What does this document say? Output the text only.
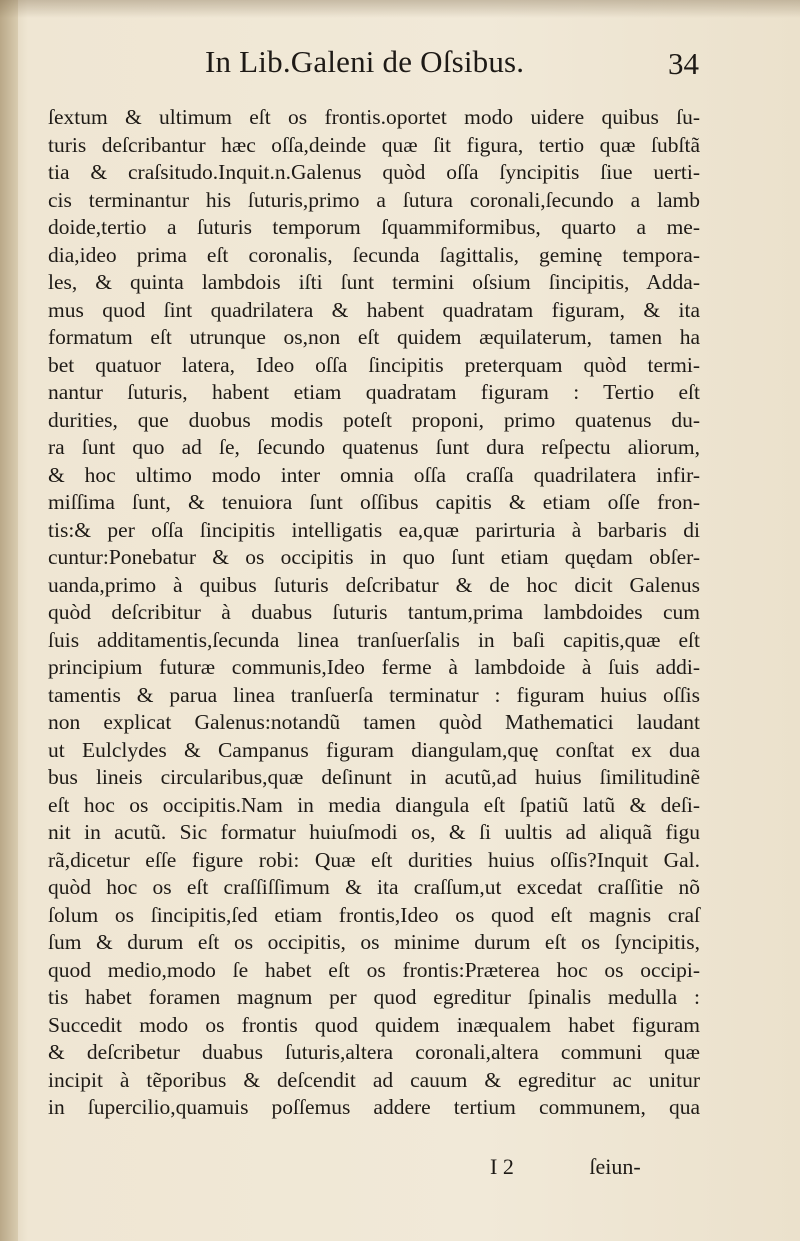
In Lib.Galeni de Oſsibus.	34
ſextum & ultimum eſt os frontis.oportet modo uidere quibus ſu-
turis deſcribantur hæc oſſa,deinde quæ ſit figura, tertio quæ ſubſtã
tia & craſsitudo.Inquit.n.Galenus quòd oſſa ſyncipitis ſiue uerti-
cis terminantur his ſuturis,primo a ſutura coronali,ſecundo a lamb
doide,tertio a ſuturis temporum ſquammiformibus, quarto a me-
dia,ideo prima eſt coronalis, ſecunda ſagittalis, geminę tempora-
les, & quinta lambdois iſti ſunt termini oſsium ſincipitis, Adda-
mus quod ſint quadrilatera & habent quadratam figuram, & ita
formatum eſt utrunque os,non eſt quidem æquilaterum, tamen ha
bet quatuor latera, Ideo oſſa ſincipitis preterquam quòd termi-
nantur ſuturis, habent etiam quadratam figuram : Tertio eſt
durities, que duobus modis poteſt proponi, primo quatenus du-
ra ſunt quo ad ſe, ſecundo quatenus ſunt dura reſpectu aliorum,
& hoc ultimo modo inter omnia oſſa craſſa quadrilatera infir-
miſſima ſunt, & tenuiora ſunt oſſibus capitis & etiam oſſe fron-
tis:& per oſſa ſincipitis intelligatis ea,quæ parirturia à barbaris di
cuntur:Ponebatur & os occipitis in quo ſunt etiam quędam obſer-
uanda,primo à quibus ſuturis deſcribatur & de hoc dicit Galenus
quòd deſcribitur à duabus ſuturis tantum,prima lambdoides cum
ſuis additamentis,ſecunda linea tranſuerſalis in baſi capitis,quæ eſt
principium futuræ communis,Ideo ferme à lambdoide à ſuis addi-
tamentis & parua linea tranſuerſa terminatur : figuram huius oſſis
non explicat Galenus:notandũ tamen quòd Mathematici laudant
ut Eulclydes & Campanus figuram diangulam,quę conſtat ex dua
bus lineis circularibus,quæ deſinunt in acutũ,ad huius ſimilitudinẽ
eſt hoc os occipitis.Nam in media diangula eſt ſpatiũ latũ & deſi-
nit in acutũ. Sic formatur huiuſmodi os, & ſi uultis ad aliquã figu
rã,dicetur eſſe figure robi: Quæ eſt durities huius oſſis?Inquit Gal.
quòd hoc os eſt craſſiſſimum & ita craſſum,ut excedat craſſitie nõ
ſolum os ſincipitis,ſed etiam frontis,Ideo os quod eſt magnis craſ
ſum & durum eſt os occipitis, os minime durum eſt os ſyncipitis,
quod medio,modo ſe habet eſt os frontis:Præterea hoc os occipi-
tis habet foramen magnum per quod egreditur ſpinalis medulla :
Succedit modo os frontis quod quidem inæqualem habet figuram
& deſcribetur duabus ſuturis,altera coronali,altera communi quæ
incipit à tẽporibus & deſcendit ad cauum & egreditur ac unitur
in ſupercilio,quamuis poſſemus addere tertium communem, qua
I 2	ſeiun-
